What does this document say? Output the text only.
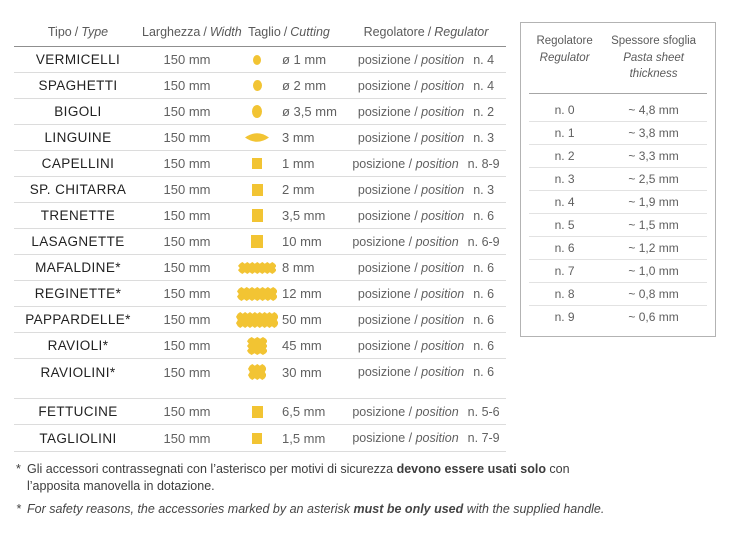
Tipo / Type	Larghezza / Width Taglio / Cutting	Regolatore / Regulator
VERMICELLI	150 mm	ø 1 mm	posizione / position n. 4
SPAGHETTI	150 mm	ø 2 mm	posizione / position n. 4
BIGOLI	150 mm	ø 3,5 mm	posizione / position n. 2
LINGUINE	150 mm	3 mm	posizione / position n. 3
CAPELLINI	150 mm	1 mm	posizione / position n. 8-9
SP. CHITARRA	150 mm	2 mm	posizione / position n. 3
TRENETTE	150 mm	3,5 mm	posizione / position n. 6
LASAGNETTE	150 mm	10 mm	posizione / position n. 6-9
MAFALDINE*	150 mm	8 mm	posizione / position n. 6
REGINETTE*	150 mm	12 mm	posizione / position n. 6
PAPPARDELLE*	150 mm	50 mm	posizione / position n. 6
RAVIOLI*	150 mm	45 mm	posizione / position n. 6
RAVIOLINI*	150 mm	30 mm	posizione / position n. 6
FETTUCINE	150 mm	6,5 mm	posizione / position n. 5-6
TAGLIOLINI	150 mm	1,5 mm	posizione / position n. 7-9
Regolatore
Regulator
Spessore sfoglia
Pasta sheet thickness
n. 0	~ 4,8 mm
n. 1	~ 3,8 mm
n. 2	~ 3,3 mm
n. 3	~ 2,5 mm
n. 4	~ 1,9 mm
n. 5	~ 1,5 mm
n. 6	~ 1,2 mm
n. 7	~ 1,0 mm
n. 8	~ 0,8 mm
n. 9	~ 0,6 mm
* Gli accessori contrassegnati con l’asterisco per motivi di sicurezza devono essere usati solo con
l’apposita manovella in dotazione.
* For safety reasons, the accessories marked by an asterisk must be only used with the supplied handle.
